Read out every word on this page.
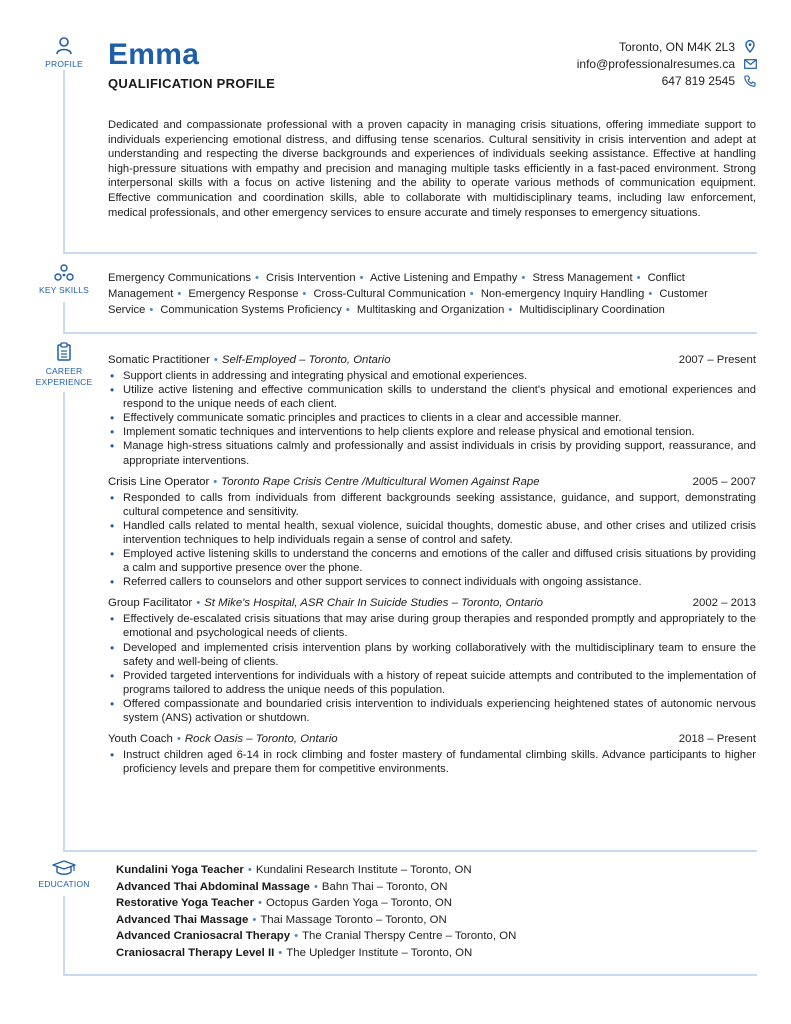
PROFILE
KEY SKILLS
CAREER EXPERIENCE
EDUCATION
Emma
QUALIFICATION PROFILE
Toronto, ON M4K 2L3
info@professionalresumes.ca
647 819 2545
Dedicated and compassionate professional with a proven capacity in managing crisis situations, offering immediate support to individuals experiencing emotional distress, and diffusing tense scenarios. Cultural sensitivity in crisis intervention and adept at understanding and respecting the diverse backgrounds and experiences of individuals seeking assistance. Effective at handling high-pressure situations with empathy and precision and managing multiple tasks efficiently in a fast-paced environment. Strong interpersonal skills with a focus on active listening and the ability to operate various methods of communication equipment. Effective communication and coordination skills, able to collaborate with multidisciplinary teams, including law enforcement, medical professionals, and other emergency services to ensure accurate and timely responses to emergency situations.
Emergency Communications • Crisis Intervention • Active Listening and Empathy • Stress Management • Conflict Management • Emergency Response • Cross-Cultural Communication • Non-emergency Inquiry Handling • Customer Service • Communication Systems Proficiency • Multitasking and Organization • Multidisciplinary Coordination
Somatic Practitioner • Self-Employed – Toronto, Ontario	2007 – Present
• Support clients in addressing and integrating physical and emotional experiences.
• Utilize active listening and effective communication skills to understand the client's physical and emotional experiences and respond to the unique needs of each client.
• Effectively communicate somatic principles and practices to clients in a clear and accessible manner.
• Implement somatic techniques and interventions to help clients explore and release physical and emotional tension.
• Manage high-stress situations calmly and professionally and assist individuals in crisis by providing support, reassurance, and appropriate interventions.
Crisis Line Operator • Toronto Rape Crisis Centre /Multicultural Women Against Rape	2005 – 2007
• Responded to calls from individuals from different backgrounds seeking assistance, guidance, and support, demonstrating cultural competence and sensitivity.
• Handled calls related to mental health, sexual violence, suicidal thoughts, domestic abuse, and other crises and utilized crisis intervention techniques to help individuals regain a sense of control and safety.
• Employed active listening skills to understand the concerns and emotions of the caller and diffused crisis situations by providing a calm and supportive presence over the phone.
• Referred callers to counselors and other support services to connect individuals with ongoing assistance.
Group Facilitator • St Mike's Hospital, ASR Chair In Suicide Studies – Toronto, Ontario	2002 – 2013
• Effectively de-escalated crisis situations that may arise during group therapies and responded promptly and appropriately to the emotional and psychological needs of clients.
• Developed and implemented crisis intervention plans by working collaboratively with the multidisciplinary team to ensure the safety and well-being of clients.
• Provided targeted interventions for individuals with a history of repeat suicide attempts and contributed to the implementation of programs tailored to address the unique needs of this population.
• Offered compassionate and boundaried crisis intervention to individuals experiencing heightened states of autonomic nervous system (ANS) activation or shutdown.
Youth Coach • Rock Oasis – Toronto, Ontario	2018 – Present
• Instruct children aged 6-14 in rock climbing and foster mastery of fundamental climbing skills. Advance participants to higher proficiency levels and prepare them for competitive environments.
Kundalini Yoga Teacher • Kundalini Research Institute – Toronto, ON
Advanced Thai Abdominal Massage • Bahn Thai – Toronto, ON
Restorative Yoga Teacher • Octopus Garden Yoga – Toronto, ON
Advanced Thai Massage • Thai Massage Toronto – Toronto, ON
Advanced Craniosacral Therapy • The Cranial Therspy Centre – Toronto, ON
Craniosacral Therapy Level II • The Upledger Institute – Toronto, ON
